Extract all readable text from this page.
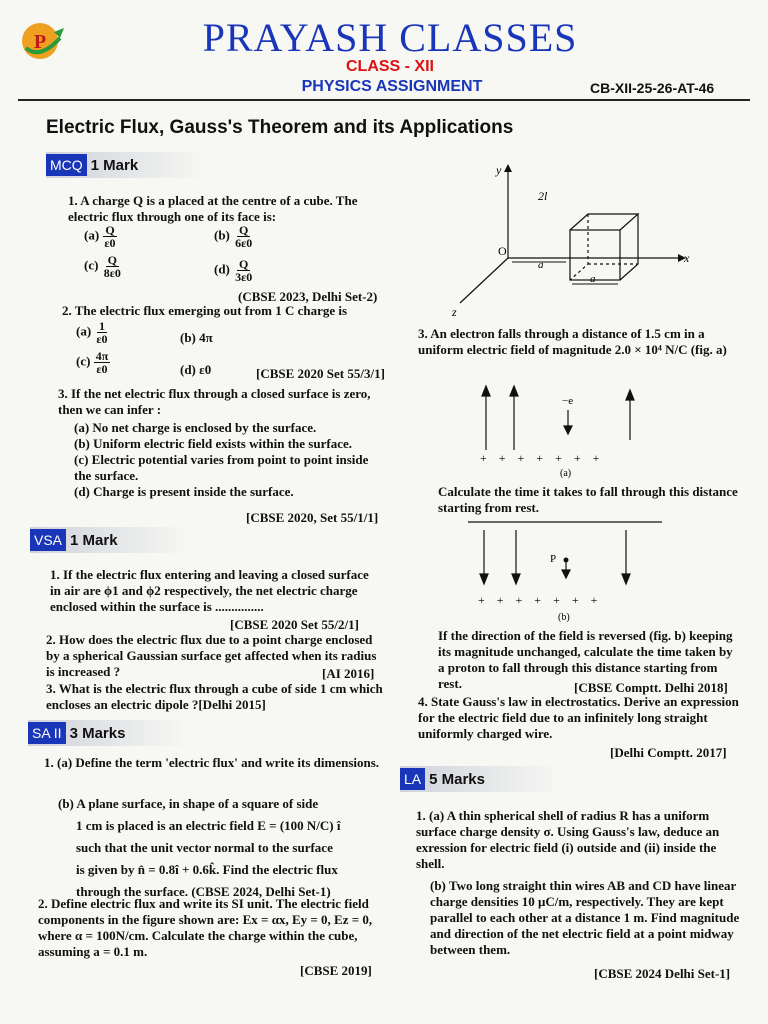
P	PRAYASH CLASSES
CLASS - XII
PHYSICS ASSIGNMENT	CB-XII-25-26-AT-46
Electric Flux, Gauss's Theorem and its Applications
MCQ 1 Mark
1. A charge Q is a placed at the centre of a cube. The electric flux through one of its face is:
$(a) \frac{Q}{\varepsilon 0}$	$(b) \frac{Q}{6\varepsilon 0}$
$(c) \frac{Q}{8\varepsilon 0}$	$(d) \frac{Q}{3\varepsilon 0}$
(CBSE 2023, Delhi Set-2)
2. The electric flux emerging out from 1 C charge is
$(a) \frac{1}{\varepsilon 0}$	(b) 4π
$(c) \frac{4\pi}{\varepsilon 0}$	(d) ε0	[CBSE 2020 Set 55/3/1]
3. If the net electric flux through a closed surface is zero, then we can infer :

(a) No net charge is enclosed by the surface.

(b) Uniform electric field exists within the surface.

(c) Electric potential varies from point to point inside the surface.

(d) Charge is present inside the surface.

[CBSE 2020, Set 55/1/1]
VSA 1 Mark
1. If the electric flux entering and leaving a closed surface in air are ϕ1 and ϕ2 respectively, the net electric charge enclosed within the surface is ...............
[CBSE 2020 Set 55/2/1]
2. How does the electric flux due to a point charge enclosed by a spherical Gaussian surface get affected when its radius is increased ?	[AI 2016]
3. What is the electric flux through a cube of side 1 cm which encloses an electric dipole ?[Delhi 2015]
SA II 3 Marks
1. (a) Define the term 'electric flux' and write its dimensions.

(b) A plane surface, in shape of a square of side

1 cm is placed is an electric field E = (100 N/C) î

such that the unit vector normal to the surface

is given by n̂ = 0.8î + 0.6k̂. Find the electric flux

through the surface. (CBSE 2024, Delhi Set-1)

2. Define electric flux and write its SI unit. The electric field components in the figure shown are: Ex = αx, Ey = 0, Ez = 0, where α = 100N/cm. Calculate the charge within the cube, assuming a = 0.1 m.
[CBSE 2019]
y
x
z
O
2l
a
a
3. An electron falls through a distance of 1.5 cm in a uniform electric field of magnitude 2.0 × 10⁴ N/C (fig. a)
−e
+    +    +    +    +    +    +
(a)
Calculate the time it takes to fall through this distance starting from rest.
P
+    +    +    +    +    +    +
(b)
If the direction of the field is reversed (fig. b) keeping its magnitude unchanged, calculate the time taken by a proton to fall through this distance starting from rest.	[CBSE Comptt. Delhi 2018]
4. State Gauss's law in electrostatics. Derive an expression for the electric field due to an infinitely long straight uniformly charged wire.
[Delhi Comptt. 2017]
LA 5 Marks
1. (a) A thin spherical shell of radius R has a uniform surface charge density σ. Using Gauss's law, deduce an exression for electric field (i) outside and (ii) inside the shell.
(b) Two long straight thin wires AB and CD have linear charge densities 10 μC/m, respectively. They are kept parallel to each other at a distance 1 m. Find magnitude and direction of the net electric field at a point midway between them.
[CBSE 2024 Delhi Set-1]
